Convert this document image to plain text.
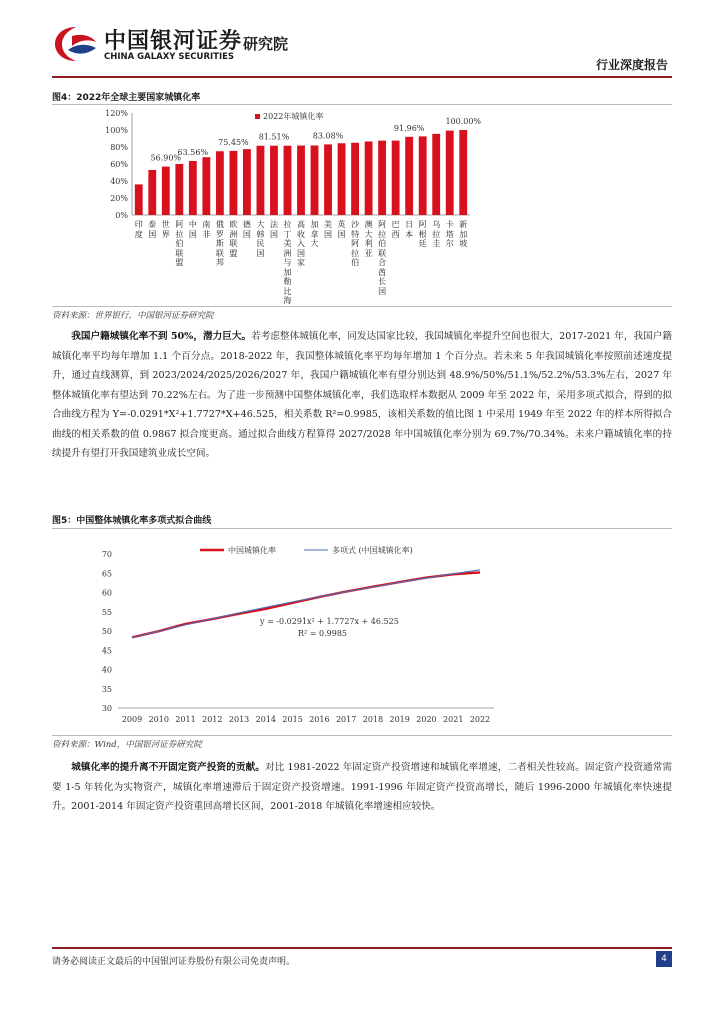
中国银河证券 研究院
CHINA GALAXY SECURITIES
行业深度报告
图4：2022年全球主要国家城镇化率
0%
20%
40%
60%
80%
100%
120%
56.90%
63.56%
75.45%
81.51%	83.08%
91.96%
100.00%
2022年城镇化率
印度
泰国
世界
阿拉伯联盟
中国
南非
俄罗斯联邦
欧洲联盟
德国
大韩民国
法国
拉丁美洲与加勒比海
高收入国家
加拿大
美国
英国
沙特阿拉伯
澳大利亚
阿拉伯联合酋长国
巴西
日本
阿根廷
乌拉圭
卡塔尔
新加坡
资料来源：世界银行，中国银河证券研究院
我国户籍城镇化率不到 50%，潜力巨大。若考虑整体城镇化率，同发达国家比较，我国城镇化率提升空间也很大，2017-2021 年，我国户籍城镇化率平均每年增加 1.1 个百分点。2018-2022 年，我国整体城镇化率平均每年增加 1 个百分点。若未来 5 年我国城镇化率按照前述速度提升，通过直线测算，到 2023/2024/2025/2026/2027 年，我国户籍城镇化率有望分别达到 48.9%/50%/51.1%/52.2%/53.3%左右，2027 年整体城镇化率有望达到 70.22%左右。为了进一步预测中国整体城镇化率，我们选取样本数据从 2009 年至 2022 年，采用多项式拟合，得到的拟合曲线方程为 Y=-0.0291*X²+1.7727*X+46.525，相关系数 R²=0.9985，该相关系数的值比图 1 中采用 1949 年至 2022 年的样本所得拟合曲线的相关系数的值 0.9867 拟合度更高。通过拟合曲线方程算得 2027/2028 年中国城镇化率分别为 69.7%/70.34%。未来户籍城镇化率的持续提升有望打开我国建筑业成长空间。
图5：中国整体城镇化率多项式拟合曲线
30
35
40
45
50
55
60
65
70
2009 2010 2011 2012 2013 2014 2015 2016 2017 2018 2019 2020 2021 2022
中国城镇化率	多项式 (中国城镇化率)
y = -0.0291x² + 1.7727x + 46.525
R² = 0.9985
资料来源：Wind，中国银河证券研究院
城镇化率的提升离不开固定资产投资的贡献。对比 1981-2022 年固定资产投资增速和城镇化率增速，二者相关性较高。固定资产投资通常需要 1-5 年转化为实物资产，城镇化率增速滞后于固定资产投资增速。1991-1996 年固定资产投资高增长，随后 1996-2000 年城镇化率快速提升。2001-2014 年固定资产投资重回高增长区间，2001-2018 年城镇化率增速相应较快。
请务必阅读正文最后的中国银河证券股份有限公司免责声明。	4
